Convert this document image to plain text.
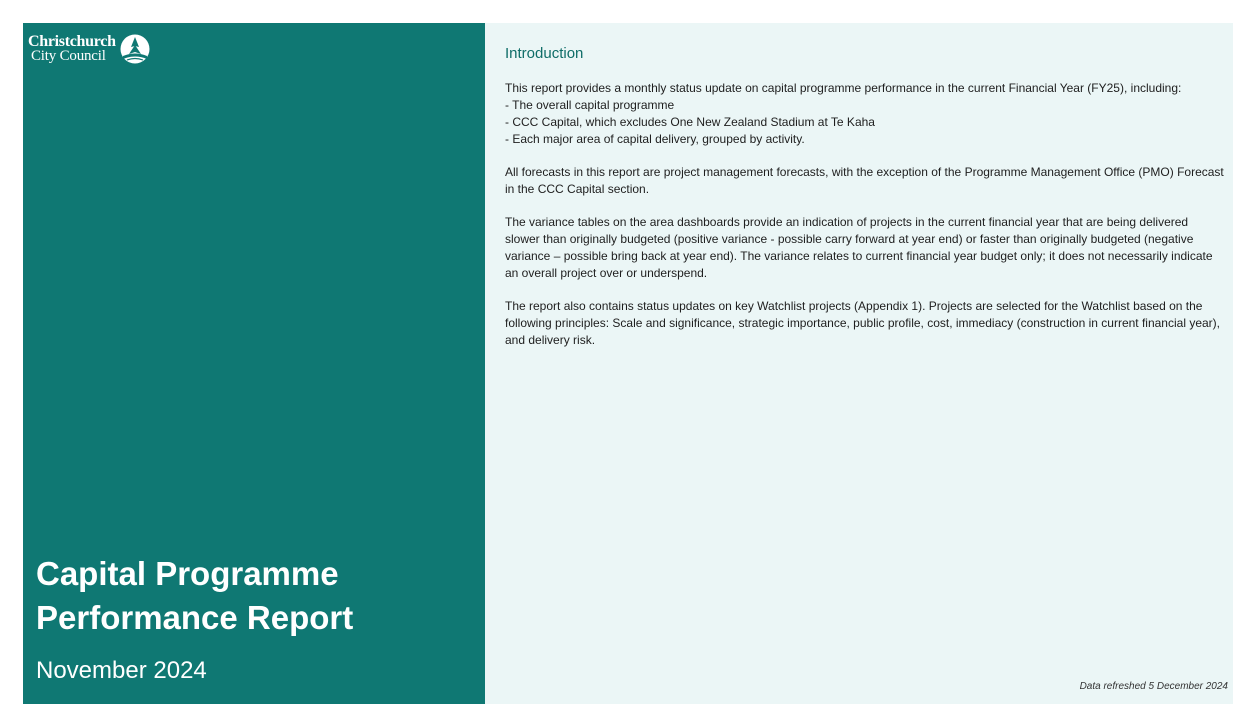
Christchurch
City Council
Capital Programme
Performance Report
November 2024
Introduction

This report provides a monthly status update on capital programme performance in the current Financial Year (FY25), including:
- The overall capital programme
- CCC Capital, which excludes One New Zealand Stadium at Te Kaha
- Each major area of capital delivery, grouped by activity.

All forecasts in this report are project management forecasts, with the exception of the Programme Management Office (PMO) Forecast in the CCC Capital section.

The variance tables on the area dashboards provide an indication of projects in the current financial year that are being delivered slower than originally budgeted (positive variance - possible carry forward at year end) or faster than originally budgeted (negative variance – possible bring back at year end). The variance relates to current financial year budget only; it does not necessarily indicate an overall project over or underspend.

The report also contains status updates on key Watchlist projects (Appendix 1). Projects are selected for the Watchlist based on the following principles: Scale and significance, strategic importance, public profile, cost, immediacy (construction in current financial year), and delivery risk.

Data refreshed 5 December 2024
